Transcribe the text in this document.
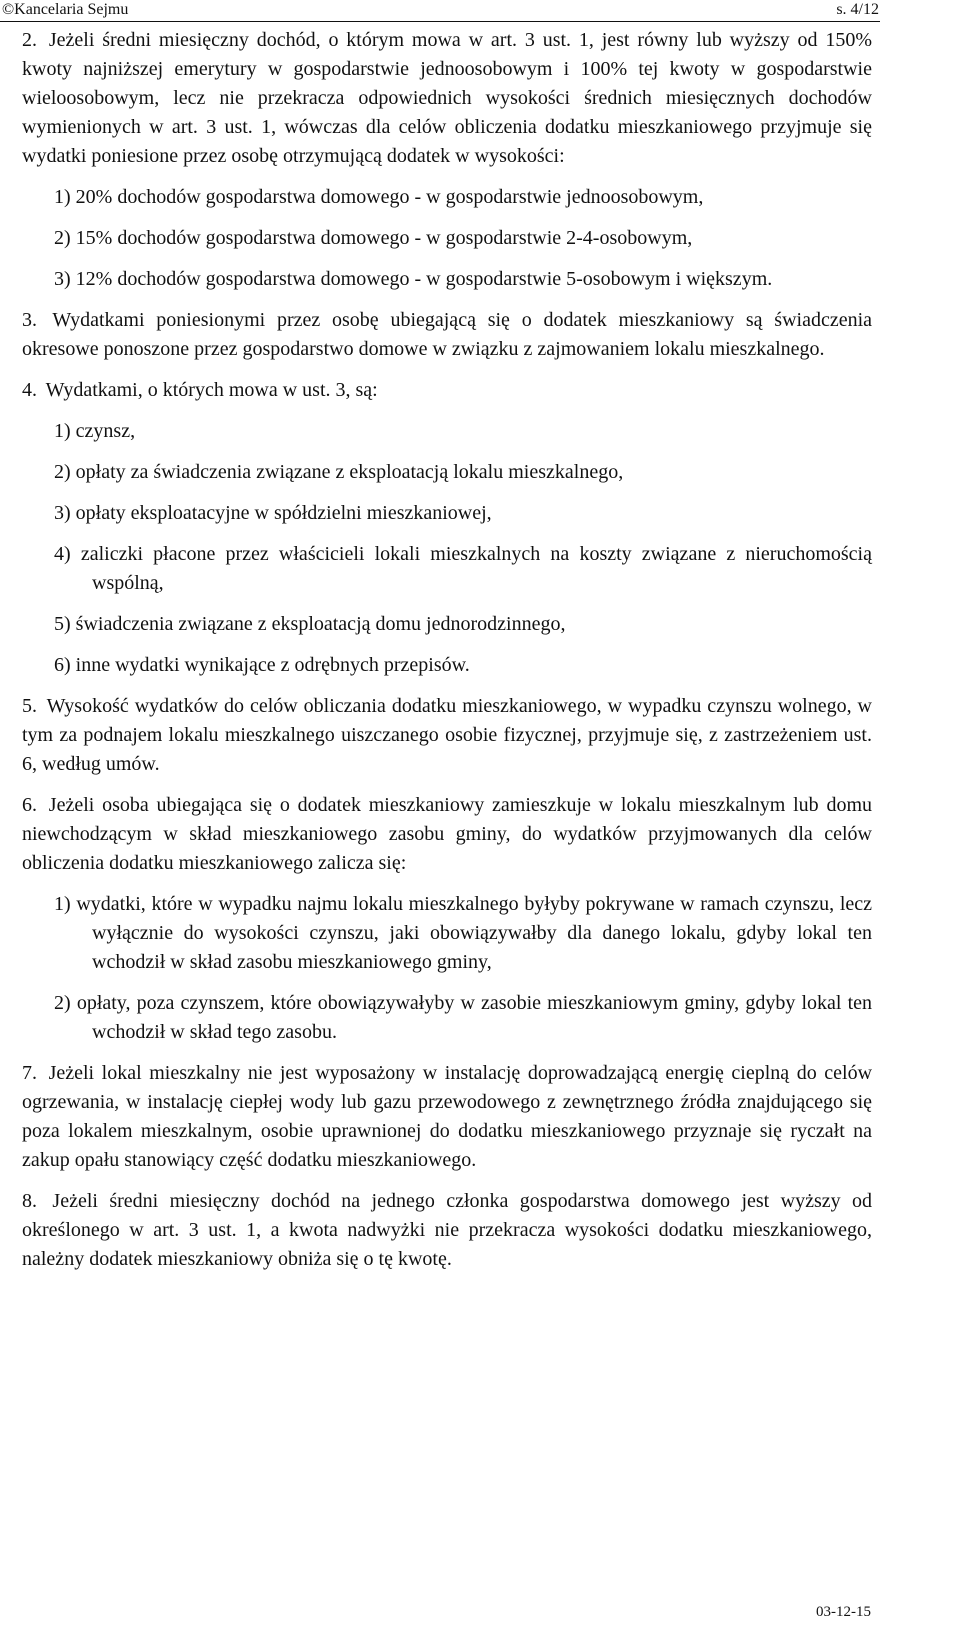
©Kancelaria Sejmu	s. 4/12

2. Jeżeli średni miesięczny dochód, o którym mowa w art. 3 ust. 1, jest równy lub wyższy od 150% kwoty najniższej emerytury w gospodarstwie jednoosobowym i 100% tej kwoty w gospodarstwie wieloosobowym, lecz nie przekracza odpowiednich wysokości średnich miesięcznych dochodów wymienionych w art. 3 ust. 1, wówczas dla celów obliczenia dodatku mieszkaniowego przyjmuje się wydatki poniesione przez osobę otrzymującą dodatek w wysokości:

1) 20% dochodów gospodarstwa domowego - w gospodarstwie jednoosobowym,
2) 15% dochodów gospodarstwa domowego - w gospodarstwie 2-4-osobowym,
3) 12% dochodów gospodarstwa domowego - w gospodarstwie 5-osobowym i większym.

3. Wydatkami poniesionymi przez osobę ubiegającą się o dodatek mieszkaniowy są świadczenia okresowe ponoszone przez gospodarstwo domowe w związku z zajmowaniem lokalu mieszkalnego.

4. Wydatkami, o których mowa w ust. 3, są:

1) czynsz,
2) opłaty za świadczenia związane z eksploatacją lokalu mieszkalnego,
3) opłaty eksploatacyjne w spółdzielni mieszkaniowej,
4) zaliczki płacone przez właścicieli lokali mieszkalnych na koszty związane z nieruchomością wspólną,
5) świadczenia związane z eksploatacją domu jednorodzinnego,
6) inne wydatki wynikające z odrębnych przepisów.

5. Wysokość wydatków do celów obliczania dodatku mieszkaniowego, w wypadku czynszu wolnego, w tym za podnajem lokalu mieszkalnego uiszczanego osobie fizycznej, przyjmuje się, z zastrzeżeniem ust. 6, według umów.

6. Jeżeli osoba ubiegająca się o dodatek mieszkaniowy zamieszkuje w lokalu mieszkalnym lub domu niewchodzącym w skład mieszkaniowego zasobu gminy, do wydatków przyjmowanych dla celów obliczenia dodatku mieszkaniowego zalicza się:

1) wydatki, które w wypadku najmu lokalu mieszkalnego byłyby pokrywane w ramach czynszu, lecz wyłącznie do wysokości czynszu, jaki obowiązywałby dla danego lokalu, gdyby lokal ten wchodził w skład zasobu mieszkaniowego gminy,
2) opłaty, poza czynszem, które obowiązywałyby w zasobie mieszkaniowym gminy, gdyby lokal ten wchodził w skład tego zasobu.

7. Jeżeli lokal mieszkalny nie jest wyposażony w instalację doprowadzającą energię cieplną do celów ogrzewania, w instalację ciepłej wody lub gazu przewodowego z zewnętrznego źródła znajdującego się poza lokalem mieszkalnym, osobie uprawnionej do dodatku mieszkaniowego przyznaje się ryczałt na zakup opału stanowiący część dodatku mieszkaniowego.

8. Jeżeli średni miesięczny dochód na jednego członka gospodarstwa domowego jest wyższy od określonego w art. 3 ust. 1, a kwota nadwyżki nie przekracza wysokości dodatku mieszkaniowego, należny dodatek mieszkaniowy obniża się o tę kwotę.

03-12-15
